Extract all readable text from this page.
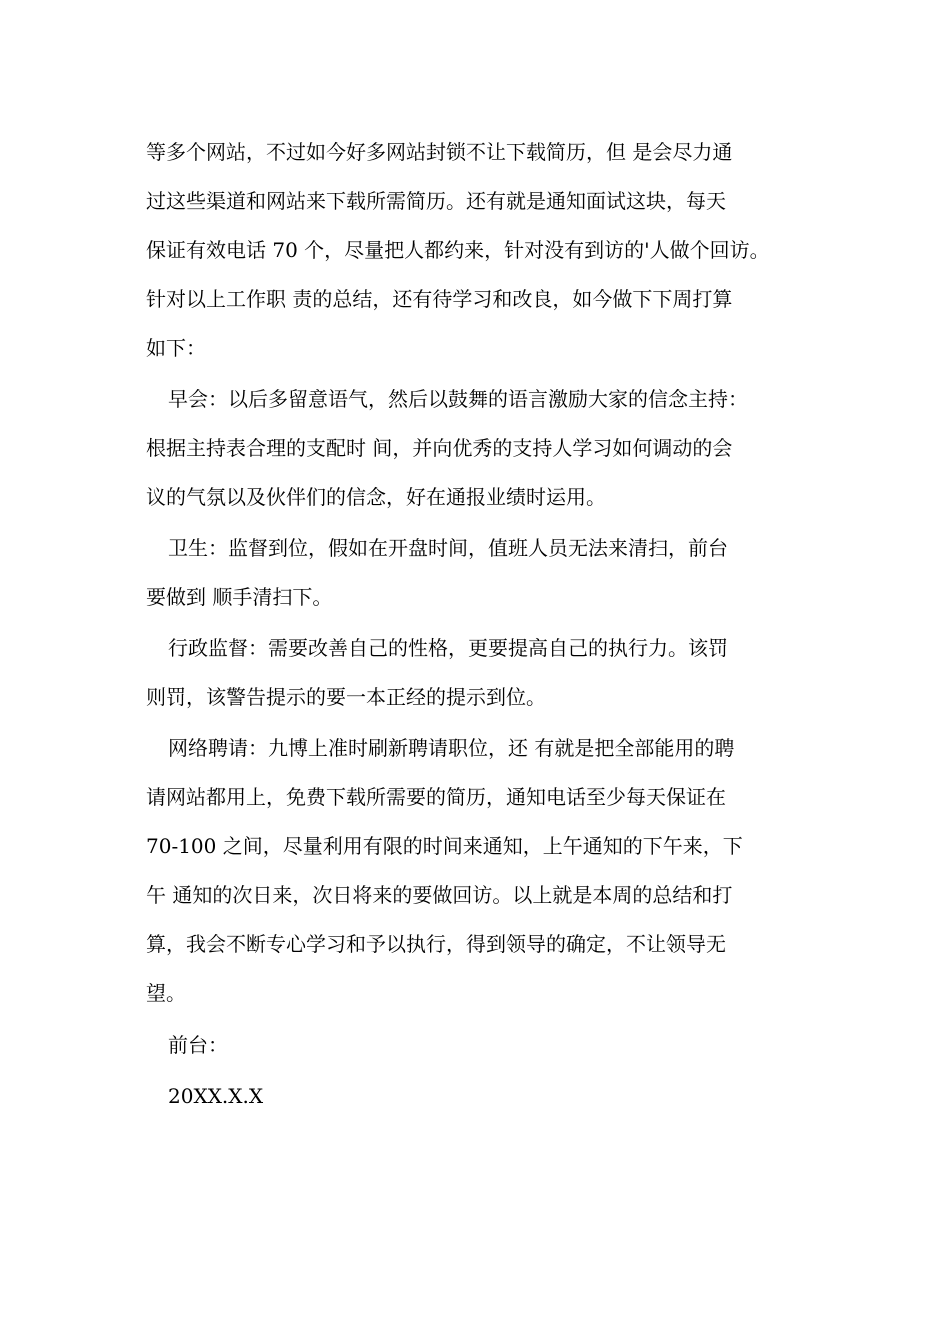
等多个网站，不过如今好多网站封锁不让下载简历，但 是会尽力通
过这些渠道和网站来下载所需简历。还有就是通知面试这块，每天
保证有效电话 70 个，尽量把人都约来，针对没有到访的'人做个回访。
针对以上工作职 责的总结，还有待学习和改良，如今做下下周打算
如下：
早会：以后多留意语气，然后以鼓舞的语言激励大家的信念主持：
根据主持表合理的支配时 间，并向优秀的支持人学习如何调动的会
议的气氛以及伙伴们的信念，好在通报业绩时运用。
卫生：监督到位，假如在开盘时间，值班人员无法来清扫，前台
要做到 顺手清扫下。
行政监督：需要改善自己的性格，更要提高自己的执行力。该罚
则罚，该警告提示的要一本正经的提示到位。
网络聘请：九博上准时刷新聘请职位，还 有就是把全部能用的聘
请网站都用上，免费下载所需要的简历，通知电话至少每天保证在
70-100 之间，尽量利用有限的时间来通知，上午通知的下午来，下
午 通知的次日来，次日将来的要做回访。以上就是本周的总结和打
算，我会不断专心学习和予以执行，得到领导的确定，不让领导无
望。
前台：
20XX.X.X
